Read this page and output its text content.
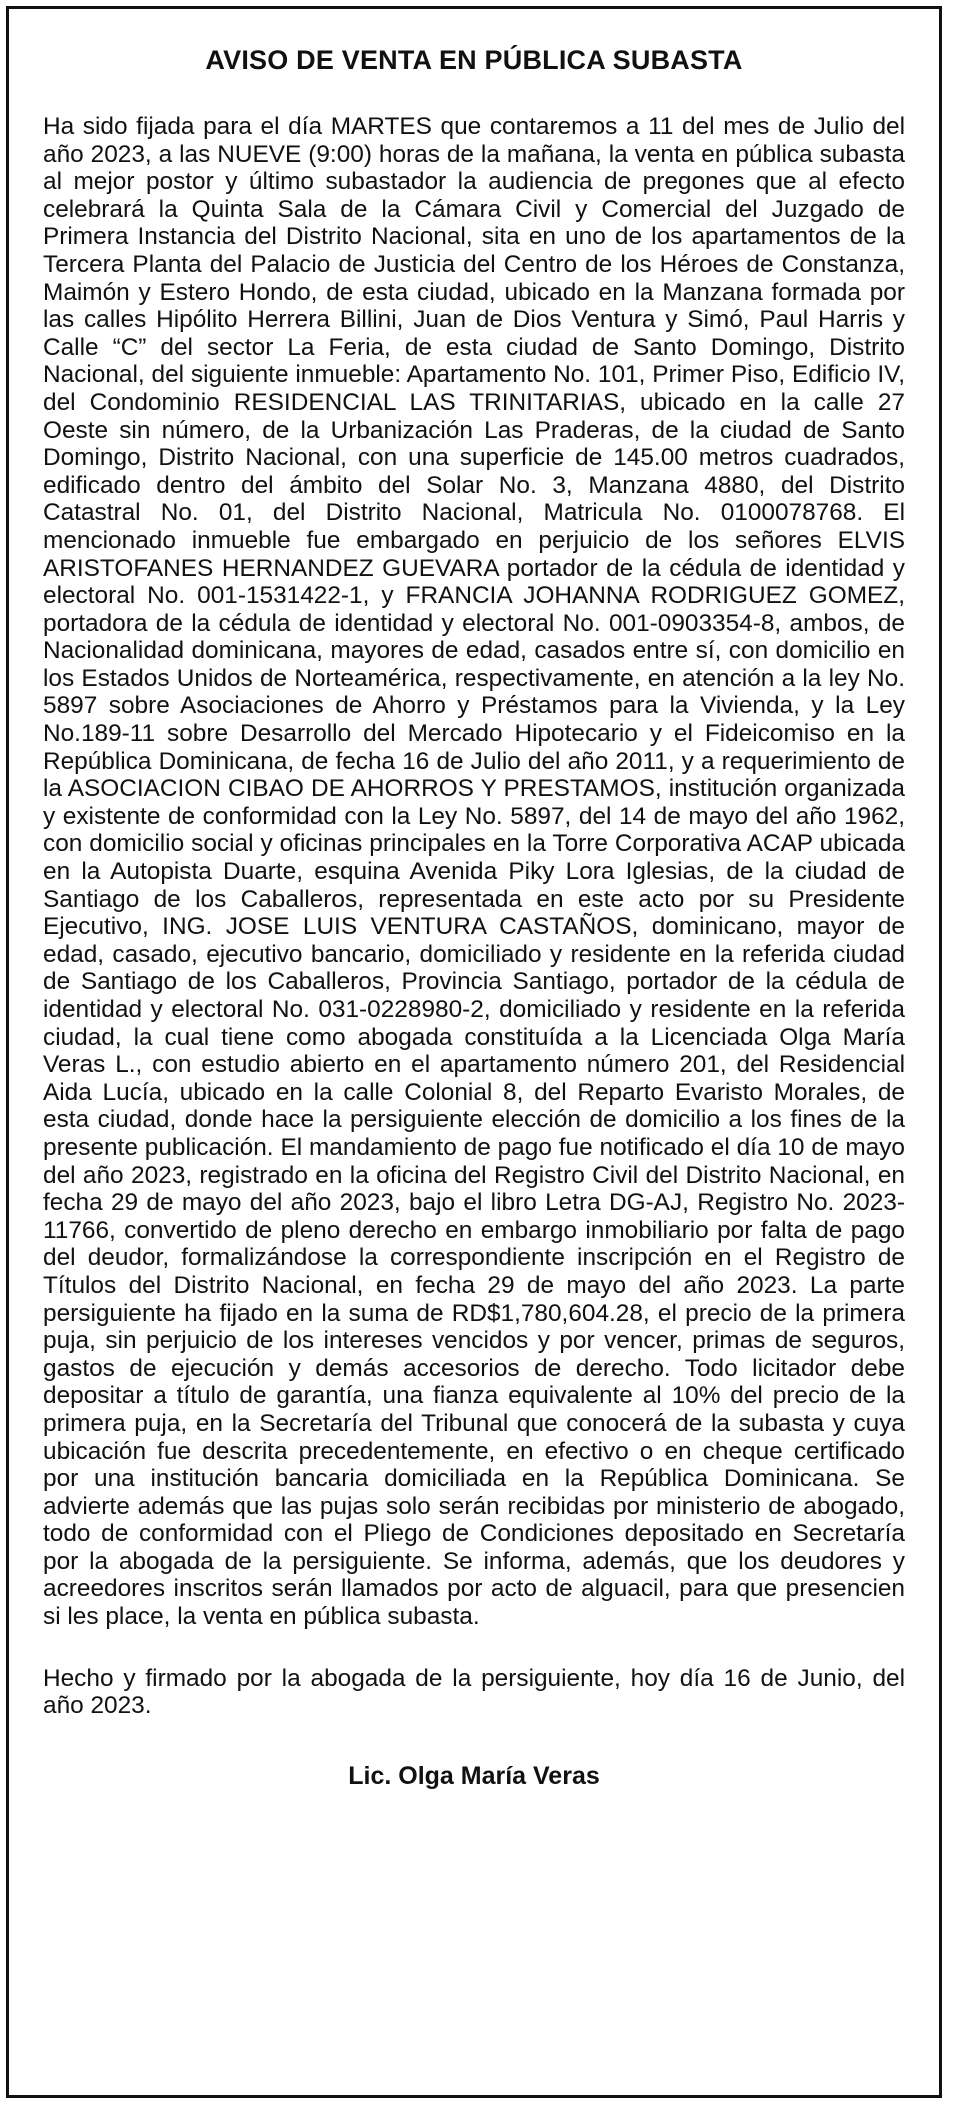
AVISO DE VENTA EN PÚBLICA SUBASTA
Ha sido fijada para el día MARTES que contaremos a 11 del mes de Julio del año 2023, a las NUEVE (9:00) horas de la mañana, la venta en pública subasta al mejor postor y último subastador la audiencia de pregones que al efecto celebrará la Quinta Sala de la Cámara Civil y Comercial del Juzgado de Primera Instancia del Distrito Nacional, sita en uno de los apartamentos de la Tercera Planta del Palacio de Justicia del Centro de los Héroes de Constanza, Maimón y Estero Hondo, de esta ciudad, ubicado en la Manzana formada por las calles Hipólito Herrera Billini, Juan de Dios Ventura y Simó, Paul Harris y Calle “C” del sector La Feria, de esta ciudad de Santo Domingo, Distrito Nacional, del siguiente inmueble: Apartamento No. 101, Primer Piso, Edificio IV, del Condominio RESIDENCIAL LAS TRINITARIAS, ubicado en la calle 27 Oeste sin número, de la Urbanización Las Praderas, de la ciudad de Santo Domingo, Distrito Nacional, con una superficie de 145.00 metros cuadrados, edificado dentro del ámbito del Solar No. 3, Manzana 4880, del Distrito Catastral No. 01, del Distrito Nacional, Matricula No. 0100078768. El mencionado inmueble fue embargado en perjuicio de los señores ELVIS ARISTOFANES HERNANDEZ GUEVARA portador de la cédula de identidad y electoral No. 001-1531422-1, y FRANCIA JOHANNA RODRIGUEZ GOMEZ, portadora de la cédula de identidad y electoral No. 001-0903354-8, ambos, de Nacionalidad dominicana, mayores de edad, casados entre sí, con domicilio en los Estados Unidos de Norteamérica, respectivamente, en atención a la ley No. 5897 sobre Asociaciones de Ahorro y Préstamos para la Vivienda, y la Ley No.189-11 sobre Desarrollo del Mercado Hipotecario y el Fideicomiso en la República Dominicana, de fecha 16 de Julio del año 2011, y a requerimiento de la ASOCIACION CIBAO DE AHORROS Y PRESTAMOS, institución organizada y existente de conformidad con la Ley No. 5897, del 14 de mayo del año 1962, con domicilio social y oficinas principales en la Torre Corporativa ACAP ubicada en la Autopista Duarte, esquina Avenida Piky Lora Iglesias, de la ciudad de Santiago de los Caballeros, representada en este acto por su Presidente Ejecutivo, ING. JOSE LUIS VENTURA CASTAÑOS, dominicano, mayor de edad, casado, ejecutivo bancario, domiciliado y residente en la referida ciudad de Santiago de los Caballeros, Provincia Santiago, portador de la cédula de identidad y electoral No. 031-0228980-2, domiciliado y residente en la referida ciudad, la cual tiene como abogada constituída a la Licenciada Olga María Veras L., con estudio abierto en el apartamento número 201, del Residencial Aida Lucía, ubicado en la calle Colonial 8, del Reparto Evaristo Morales, de esta ciudad, donde hace la persiguiente elección de domicilio a los fines de la presente publicación. El mandamiento de pago fue notificado el día 10 de mayo del año 2023, registrado en la oficina del Registro Civil del Distrito Nacional, en fecha 29 de mayo del año 2023, bajo el libro Letra DG-AJ, Registro No. 2023-11766, convertido de pleno derecho en embargo inmobiliario por falta de pago del deudor, formalizándose la correspondiente inscripción en el Registro de Títulos del Distrito Nacional, en fecha 29 de mayo del año 2023. La parte persiguiente ha fijado en la suma de RD$1,780,604.28, el precio de la primera puja, sin perjuicio de los intereses vencidos y por vencer, primas de seguros, gastos de ejecución y demás accesorios de derecho. Todo licitador debe depositar a título de garantía, una fianza equivalente al 10% del precio de la primera puja, en la Secretaría del Tribunal que conocerá de la subasta y cuya ubicación fue descrita precedentemente, en efectivo o en cheque certificado por una institución bancaria domiciliada en la República Dominicana. Se advierte además que las pujas solo serán recibidas por ministerio de abogado, todo de conformidad con el Pliego de Condiciones depositado en Secretaría por la abogada de la persiguiente. Se informa, además, que los deudores y acreedores inscritos serán llamados por acto de alguacil, para que presencien si les place, la venta en pública subasta.
Hecho y firmado por la abogada de la persiguiente, hoy día 16 de Junio, del año 2023.
Lic. Olga María Veras
